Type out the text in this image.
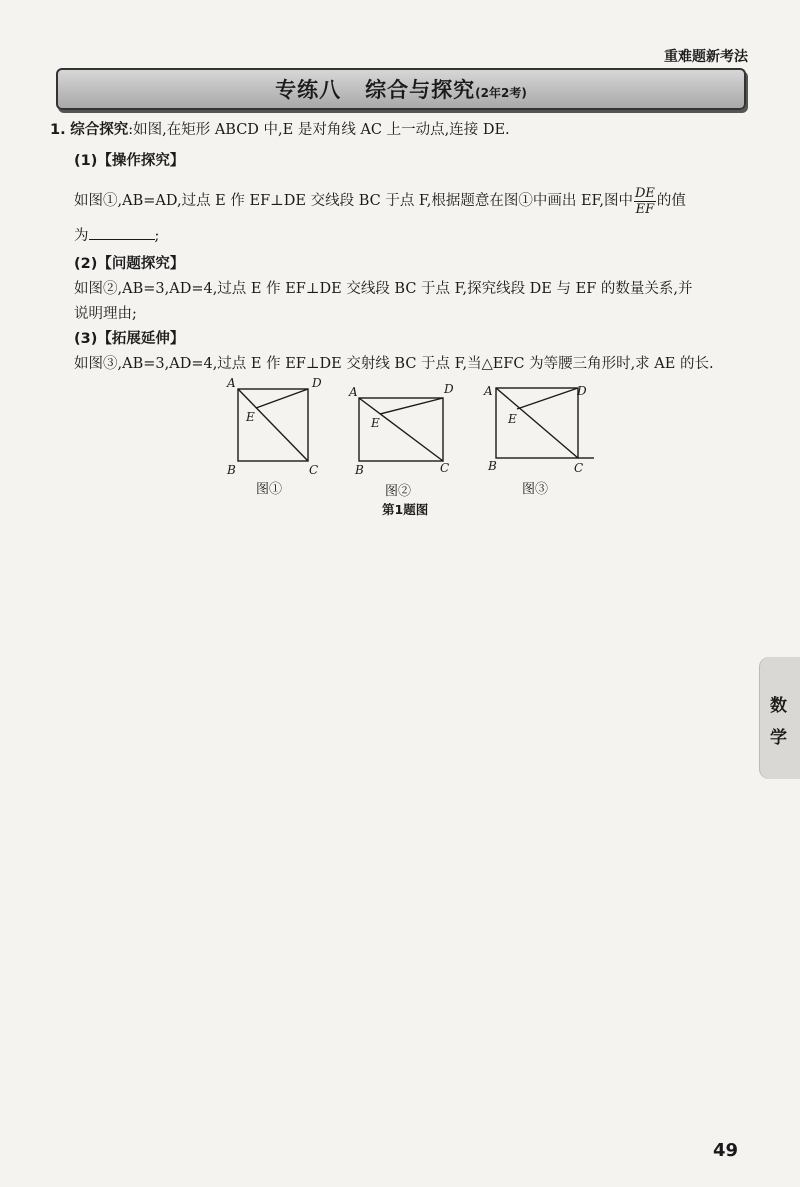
重难题新考法
专练八 综合与探究(2年2考)
1. 综合探究:如图,在矩形 ABCD 中,E 是对角线 AC 上一动点,连接 DE.
(1)【操作探究】
如图①,AB=AD,过点 E 作 EF⊥DE 交线段 BC 于点 F,根据题意在图①中画出 EF,图中 $\frac{DE}{EF}$ 的值
为	;
(2)【问题探究】
如图②,AB=3,AD=4,过点 E 作 EF⊥DE 交线段 BC 于点 F,探究线段 DE 与 EF 的数量关系,并
说明理由;
(3)【拓展延伸】
如图③,AB=3,AD=4,过点 E 作 EF⊥DE 交射线 BC 于点 F,当△EFC 为等腰三角形时,求 AE 的长.
A	D
E
B	C
A	D
E
B	C
A	D
E
B	C
图①	图②	图③
第1题图
数
学
49
